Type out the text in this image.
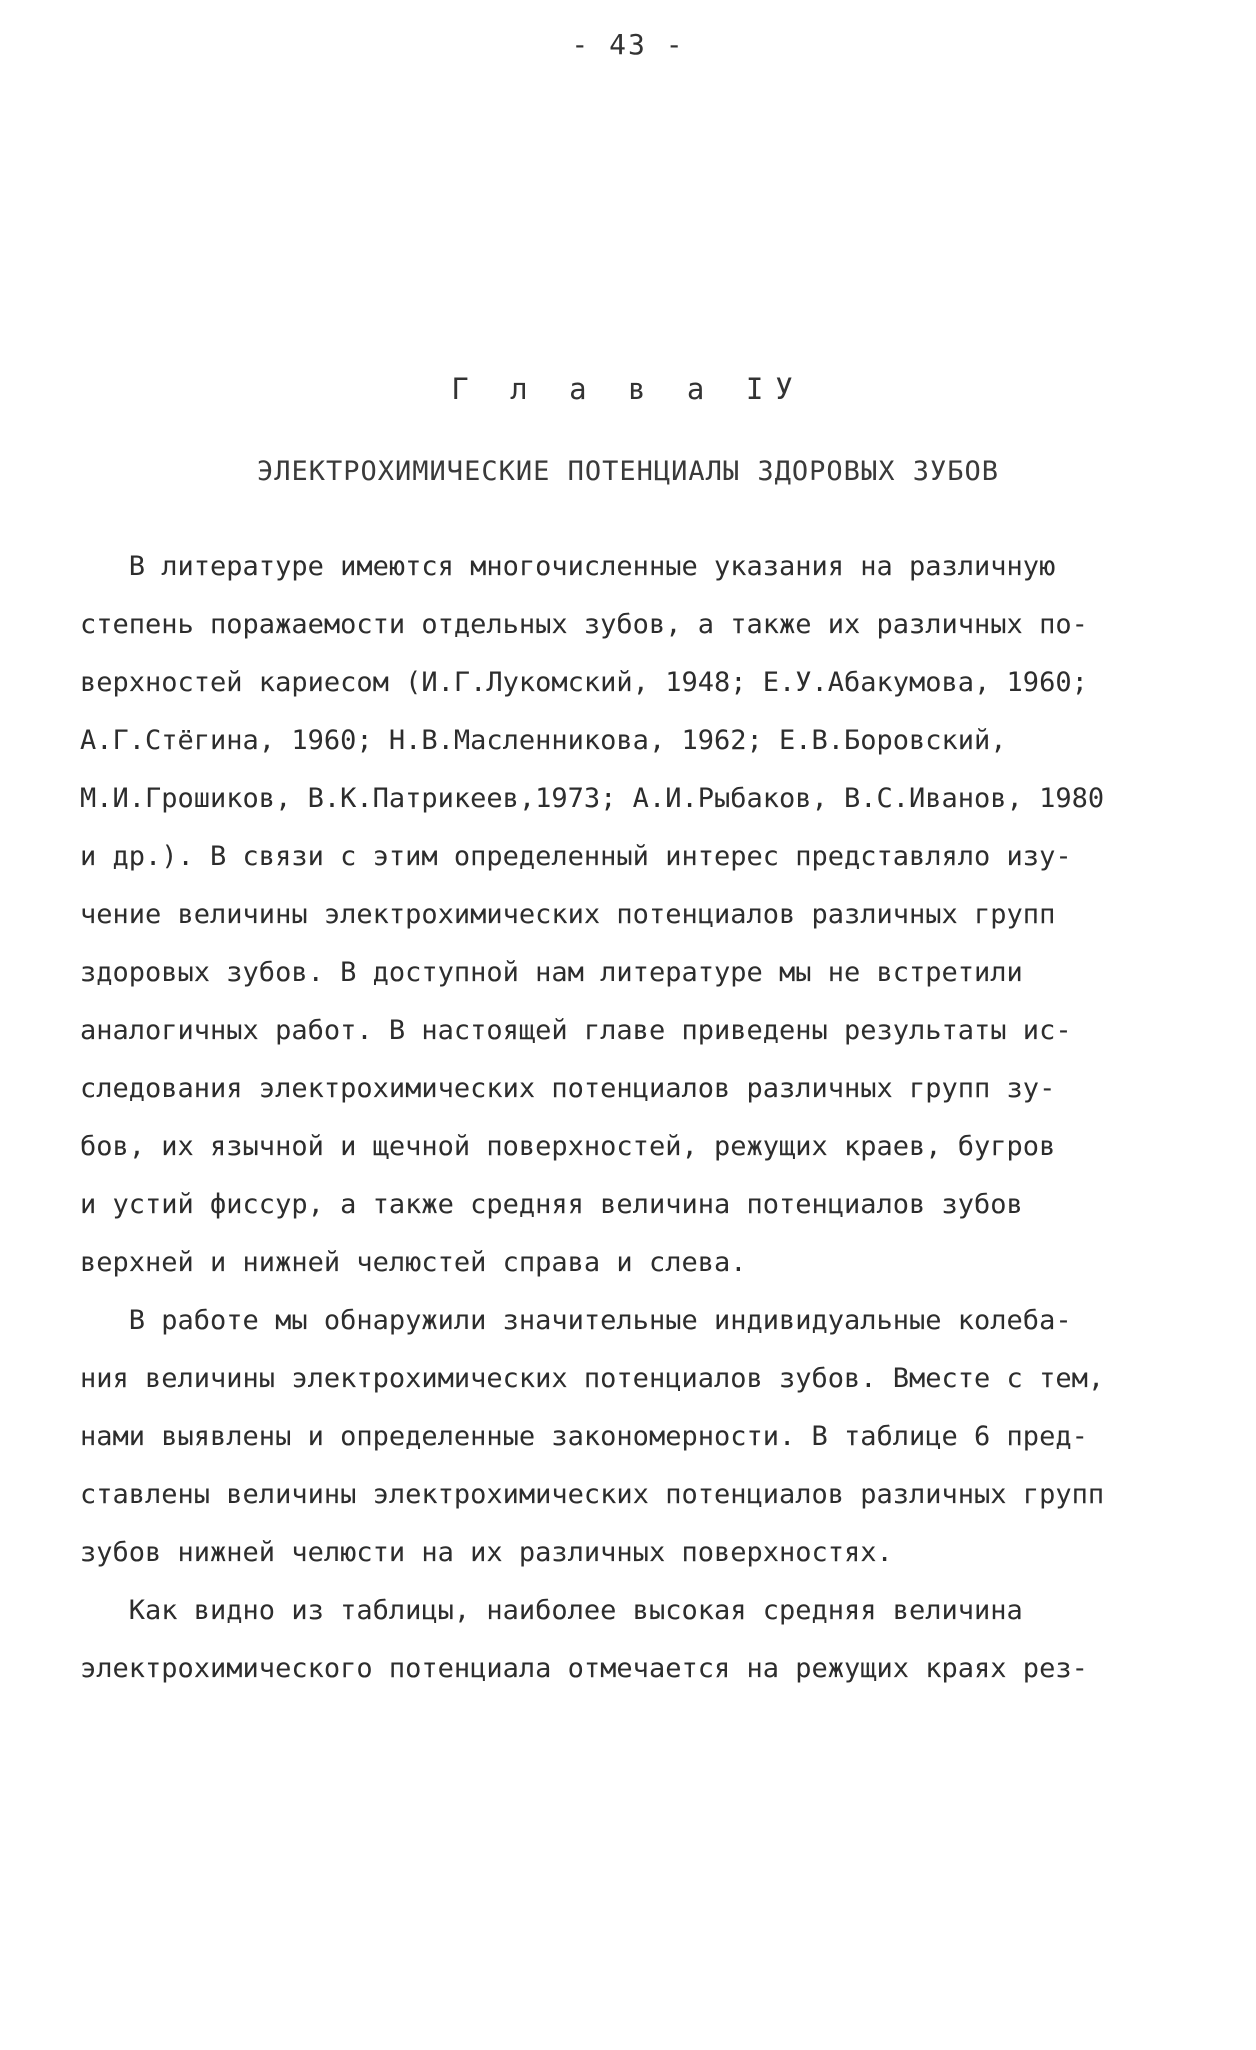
- 43 -
Г л а в а IУ
ЭЛЕКТРОХИМИЧЕСКИЕ ПОТЕНЦИАЛЫ ЗДОРОВЫХ ЗУБОВ
В литературе имеются многочисленные указания на различную
степень поражаемости отдельных зубов, а также их различных по-
верхностей кариесом (И.Г.Лукомский, 1948; Е.У.Абакумова, 1960;
А.Г.Стёгина, 1960; Н.В.Масленникова, 1962; Е.В.Боровский,
М.И.Грошиков, В.К.Патрикеев,1973; А.И.Рыбаков, В.С.Иванов, 1980
и др.). В связи с этим определенный интерес представляло изу-
чение величины электрохимических потенциалов различных групп
здоровых зубов. В доступной нам литературе мы не встретили
аналогичных работ. В настоящей главе приведены результаты ис-
следования электрохимических потенциалов различных групп зу-
бов, их язычной и щечной поверхностей, режущих краев, бугров
и устий фиссур, а также средняя величина потенциалов зубов
верхней и нижней челюстей справа и слева.
В работе мы обнаружили значительные индивидуальные колеба-
ния величины электрохимических потенциалов зубов. Вместе с тем,
нами выявлены и определенные закономерности. В таблице 6 пред-
ставлены величины электрохимических потенциалов различных групп
зубов нижней челюсти на их различных поверхностях.
Как видно из таблицы, наиболее высокая средняя величина
электрохимического потенциала отмечается на режущих краях рез-
